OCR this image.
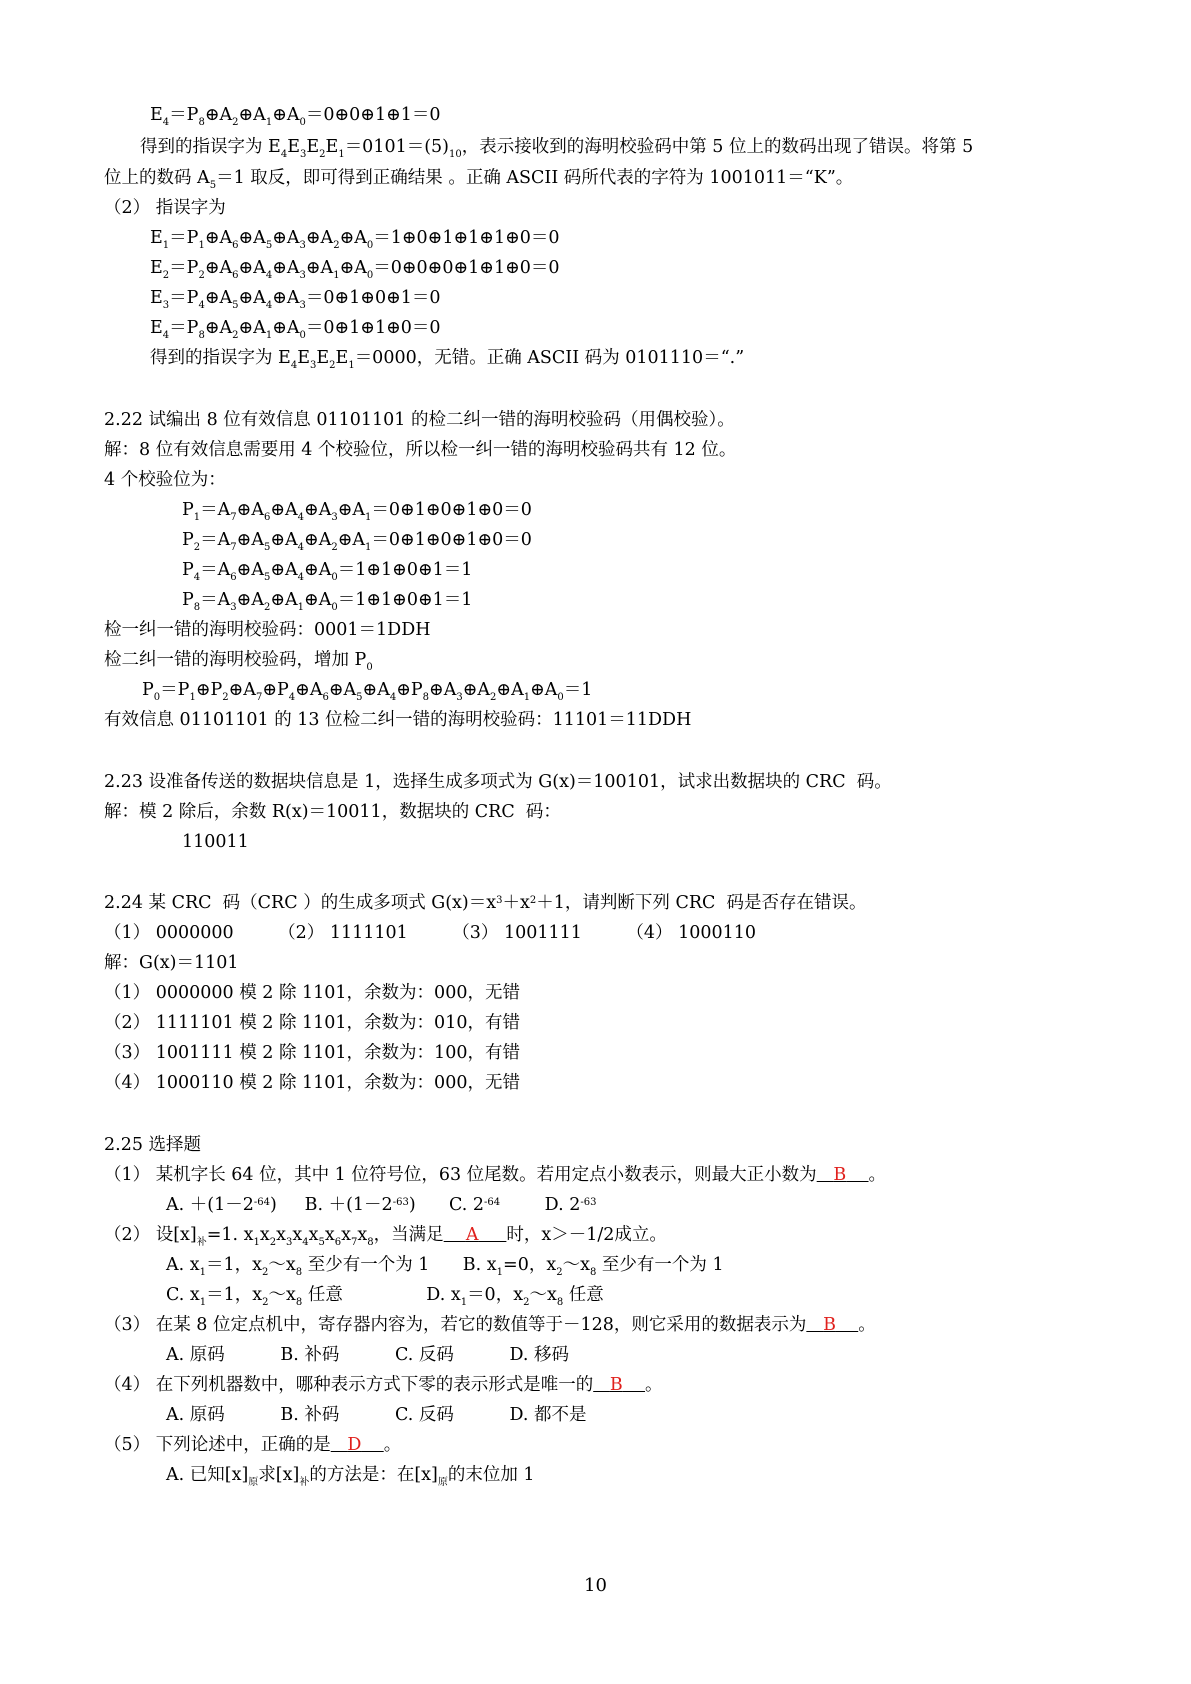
$E_4=P_8\oplus A_2\oplus A_1\oplus A_0=0\oplus 0\oplus 1\oplus 1=0$
得到的指误字为 $E_4E_3E_2E_1=0101=(5)_{10}$，表示接收到的海明校验码中第 5 位上的数码出现了错误。将第 5
位上的数码 $A_5=1$ 取反，即可得到正确结果 。正确 ASCII 码所代表的字符为 1001011＝“K”。
（2） 指误字为
$E_1=P_1\oplus A_6\oplus A_5\oplus A_3\oplus A_2\oplus A_0=1\oplus 0\oplus 1\oplus 1\oplus 1\oplus 0=0$
$E_2=P_2\oplus A_6\oplus A_4\oplus A_3\oplus A_1\oplus A_0=0\oplus 0\oplus 0\oplus 1\oplus 1\oplus 0=0$
$E_3=P_4\oplus A_5\oplus A_4\oplus A_3=0\oplus 1\oplus 0\oplus 1=0$
$E_4=P_8\oplus A_2\oplus A_1\oplus A_0=0\oplus 1\oplus 1\oplus 0=0$
得到的指误字为 $E_4E_3E_2E_1=0000$，无错。正确 ASCII 码为 0101110＝“.”
2.22 试编出 8 位有效信息 01101101 的检二纠一错的海明校验码（用偶校验）。
解：8 位有效信息需要用 4 个校验位，所以检一纠一错的海明校验码共有 12 位。
4 个校验位为：
$P_1=A_7\oplus A_6\oplus A_4\oplus A_3\oplus A_1=0\oplus 1\oplus 0\oplus 1\oplus 0=0$
$P_2=A_7\oplus A_5\oplus A_4\oplus A_2\oplus A_1=0\oplus 1\oplus 0\oplus 1\oplus 0=0$
$P_4=A_6\oplus A_5\oplus A_4\oplus A_0=1\oplus 1\oplus 0\oplus 1=1$
$P_8=A_3\oplus A_2\oplus A_1\oplus A_0=1\oplus 1\oplus 0\oplus 1=1$
检一纠一错的海明校验码：0001＝1DDH
检二纠一错的海明校验码，增加 $P_0$
$P_0=P_1\oplus P_2\oplus A_7\oplus P_4\oplus A_6\oplus A_5\oplus A_4\oplus P_8\oplus A_3\oplus A_2\oplus A_1\oplus A_0=1$
有效信息 01101101 的 13 位检二纠一错的海明校验码：11101＝11DDH
2.23 设准备传送的数据块信息是 1，选择生成多项式为 G(x)＝100101，试求出数据块的 CRC  码。
解：模 2 除后，余数 R(x)＝10011，数据块的 CRC  码：
110011
2.24 某 CRC  码（CRC ）的生成多项式 $G(x)=x^3+x^2+1$，请判断下列 CRC  码是否存在错误。
（1） 0000000        （2） 1111101        （3） 1001111        （4） 1000110
解：G(x)＝1101
（1） 0000000 模 2 除 1101，余数为：000，无错
（2） 1111101 模 2 除 1101，余数为：010，有错
（3） 1001111 模 2 除 1101，余数为：100，有错
（4） 1000110 模 2 除 1101，余数为：000，无错
2.25 选择题
（1） 某机字长 64 位，其中 1 位符号位，63 位尾数。若用定点小数表示，则最大正小数为 B 。
A. $+(1-2^{-64})$     B. $+(1-2^{-63})$      C. $2^{-64}$        D. $2^{-63}$
（2） 设$[x]_补=1$. $x_1x_2x_3x_4x_5x_6x_7x_8$，当满足 A 时，x＞－1/2成立。
A. $x_1=1$，$x_2\sim x_8$ 至少有一个为 1      B. $x_1=0$，$x_2\sim x_8$ 至少有一个为 1
C. $x_1=1$，$x_2\sim x_8$ 任意               D. $x_1=0$，$x_2\sim x_8$ 任意
（3） 在某 8 位定点机中，寄存器内容为，若它的数值等于－128，则它采用的数据表示为 B 。
A. 原码          B. 补码          C. 反码          D. 移码
（4） 在下列机器数中，哪种表示方式下零的表示形式是唯一的 B 。
A. 原码          B. 补码          C. 反码          D. 都不是
（5） 下列论述中，正确的是 D 。
A. 已知$[x]_原$求$[x]_补$的方法是：在$[x]_原$的末位加 1
10
